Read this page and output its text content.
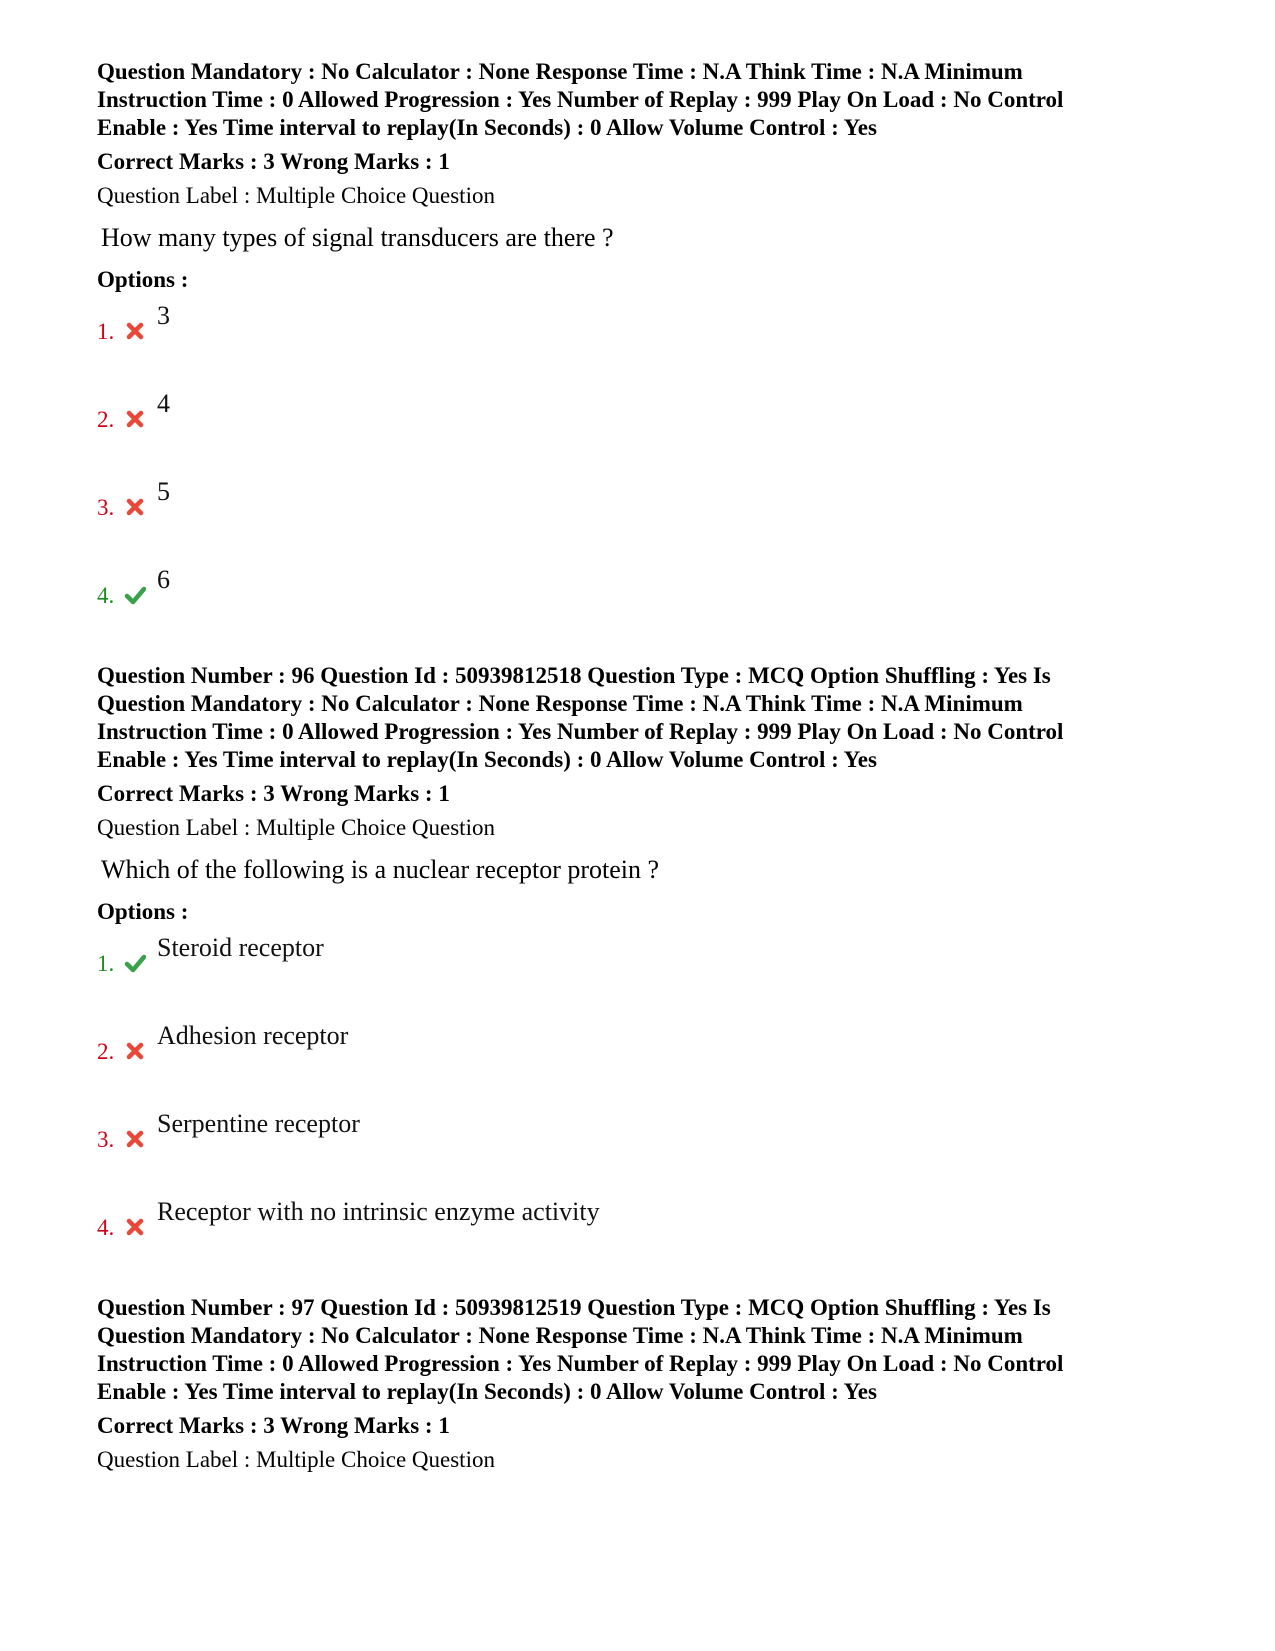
Question Mandatory : No Calculator : None Response Time : N.A Think Time : N.A Minimum

Instruction Time : 0 Allowed Progression : Yes Number of Replay : 999 Play On Load : No Control

Enable : Yes Time interval to replay(In Seconds) : 0 Allow Volume Control : Yes

Correct Marks : 3 Wrong Marks : 1

Question Label : Multiple Choice Question

How many types of signal transducers are there ?

Options :

1.
3
2.
4
3.
5
4.
6

Question Number : 96 Question Id : 50939812518 Question Type : MCQ Option Shuffling : Yes Is

Question Mandatory : No Calculator : None Response Time : N.A Think Time : N.A Minimum

Instruction Time : 0 Allowed Progression : Yes Number of Replay : 999 Play On Load : No Control

Enable : Yes Time interval to replay(In Seconds) : 0 Allow Volume Control : Yes

Correct Marks : 3 Wrong Marks : 1

Question Label : Multiple Choice Question

Which of the following is a nuclear receptor protein ?

Options :

1.
Steroid receptor
2.
Adhesion receptor
3.
Serpentine receptor
4.
Receptor with no intrinsic enzyme activity

Question Number : 97 Question Id : 50939812519 Question Type : MCQ Option Shuffling : Yes Is

Question Mandatory : No Calculator : None Response Time : N.A Think Time : N.A Minimum

Instruction Time : 0 Allowed Progression : Yes Number of Replay : 999 Play On Load : No Control

Enable : Yes Time interval to replay(In Seconds) : 0 Allow Volume Control : Yes

Correct Marks : 3 Wrong Marks : 1

Question Label : Multiple Choice Question
